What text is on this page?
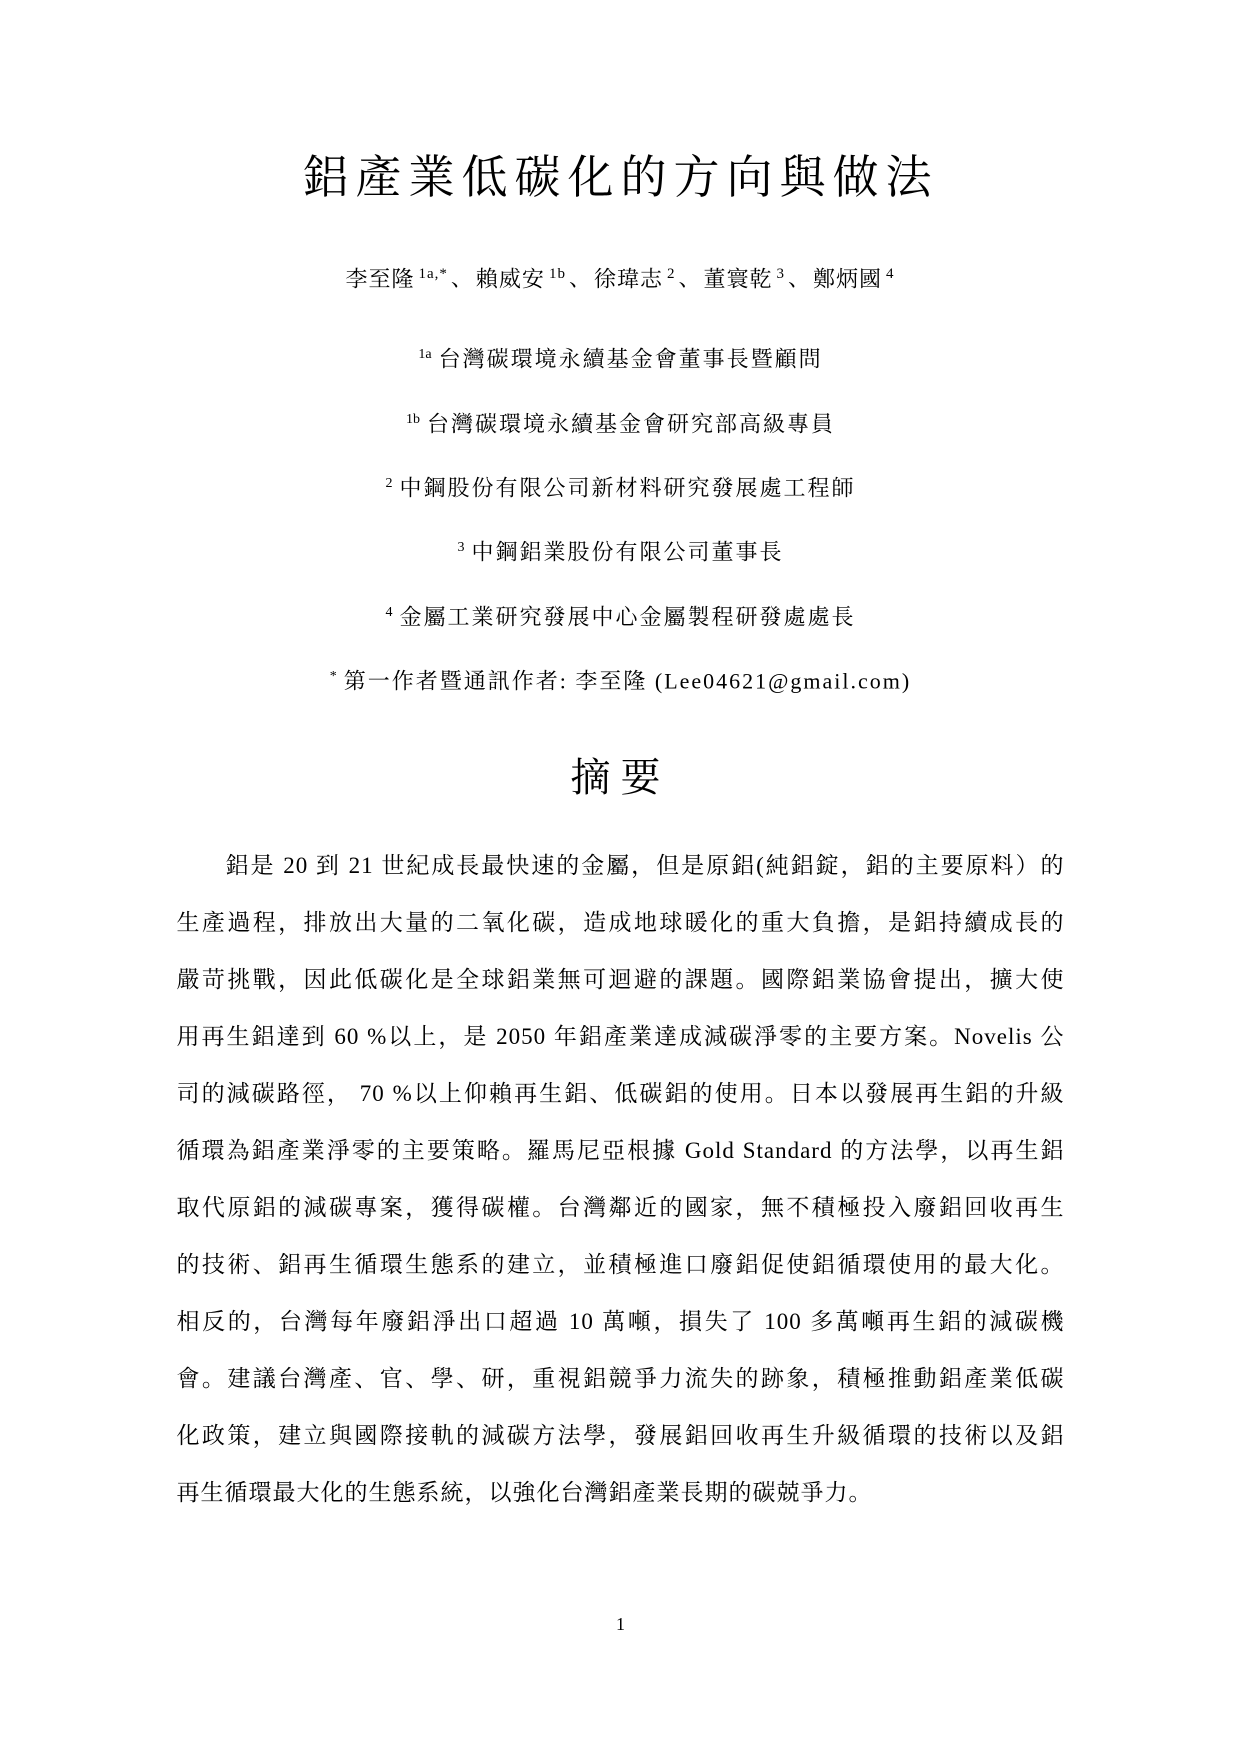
鋁產業低碳化的方向與做法
李至隆 $^{1a,*}$ 、賴威安 $^{1b}$ 、徐瑋志 $^2$ 、董寰乾 $^3$ 、鄭炳國 $^4$
$^{1a}$ 台灣碳環境永續基金會董事長暨顧問
$^{1b}$ 台灣碳環境永續基金會研究部高級專員
$^2$ 中鋼股份有限公司新材料研究發展處工程師
$^3$ 中鋼鋁業股份有限公司董事長
$^4$ 金屬工業研究發展中心金屬製程研發處處長
* 第一作者暨通訊作者: 李至隆 (Lee04621@gmail.com)
摘要
鋁是 20 到 21 世紀成長最快速的金屬，但是原鋁(純鋁錠，鋁的主要原料）的
生產過程，排放出大量的二氧化碳，造成地球暖化的重大負擔，是鋁持續成長的
嚴苛挑戰，因此低碳化是全球鋁業無可迴避的課題。國際鋁業協會提出，擴大使
用再生鋁達到 60 %以上，是 2050 年鋁產業達成減碳淨零的主要方案。Novelis 公
司的減碳路徑， 70 %以上仰賴再生鋁、低碳鋁的使用。日本以發展再生鋁的升級
循環為鋁產業淨零的主要策略。羅馬尼亞根據 Gold Standard 的方法學，以再生鋁
取代原鋁的減碳專案，獲得碳權。台灣鄰近的國家，無不積極投入廢鋁回收再生
的技術、鋁再生循環生態系的建立，並積極進口廢鋁促使鋁循環使用的最大化。
相反的，台灣每年廢鋁淨出口超過 10 萬噸，損失了 100 多萬噸再生鋁的減碳機
會。建議台灣產、官、學、研，重視鋁競爭力流失的跡象，積極推動鋁產業低碳
化政策，建立與國際接軌的減碳方法學，發展鋁回收再生升級循環的技術以及鋁
再生循環最大化的生態系統，以強化台灣鋁產業長期的碳兢爭力。
1
